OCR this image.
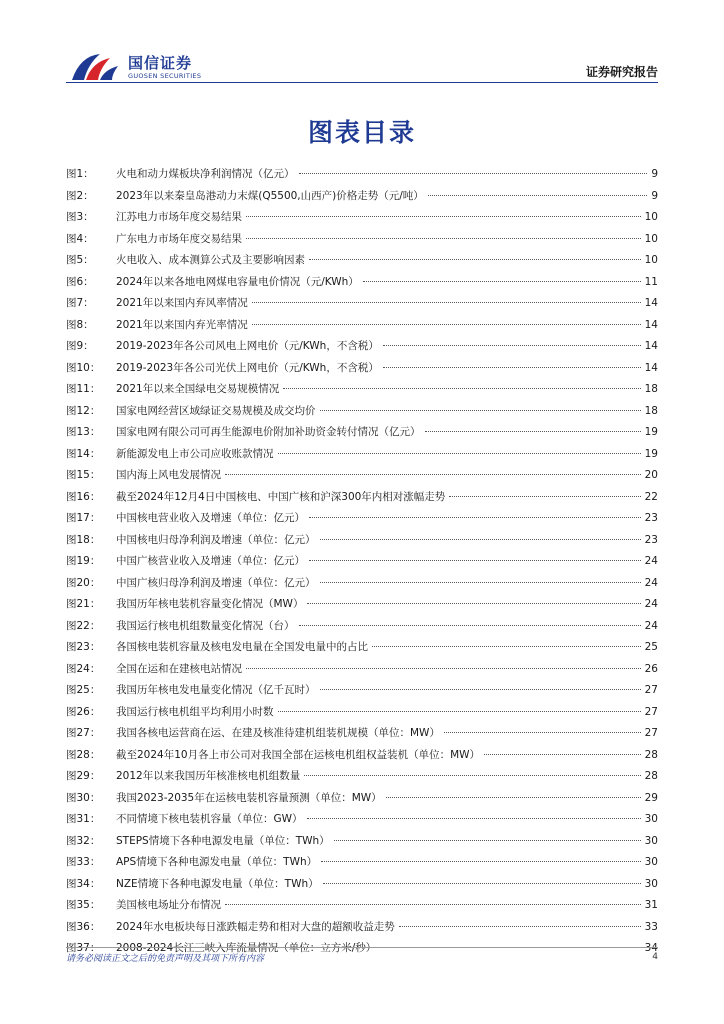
国信证券
GUOSEN SECURITIES	证券研究报告
图表目录
图1：	火电和动力煤板块净利润情况（亿元）	9
图2：	2023年以来秦皇岛港动力末煤(Q5500,山西产)价格走势（元/吨）	9
图3：	江苏电力市场年度交易结果	10
图4：	广东电力市场年度交易结果	10
图5：	火电收入、成本测算公式及主要影响因素	10
图6：	2024年以来各地电网煤电容量电价情况（元/KWh）	11
图7：	2021年以来国内弃风率情况	14
图8：	2021年以来国内弃光率情况	14
图9：	2019-2023年各公司风电上网电价（元/KWh，不含税）	14
图10：	2019-2023年各公司光伏上网电价（元/KWh，不含税）	14
图11：	2021年以来全国绿电交易规模情况	18
图12：	国家电网经营区域绿证交易规模及成交均价	18
图13：	国家电网有限公司可再生能源电价附加补助资金转付情况（亿元）	19
图14：	新能源发电上市公司应收账款情况	19
图15：	国内海上风电发展情况	20
图16：	截至2024年12月4日中国核电、中国广核和沪深300年内相对涨幅走势	22
图17：	中国核电营业收入及增速（单位：亿元）	23
图18：	中国核电归母净利润及增速（单位：亿元）	23
图19：	中国广核营业收入及增速（单位：亿元）	24
图20：	中国广核归母净利润及增速（单位：亿元）	24
图21：	我国历年核电装机容量变化情况（MW）	24
图22：	我国运行核电机组数量变化情况（台）	24
图23：	各国核电装机容量及核电发电量在全国发电量中的占比	25
图24：	全国在运和在建核电站情况	26
图25：	我国历年核电发电量变化情况（亿千瓦时）	27
图26：	我国运行核电机组平均利用小时数	27
图27：	我国各核电运营商在运、在建及核准待建机组装机规模（单位：MW）	27
图28：	截至2024年10月各上市公司对我国全部在运核电机组权益装机（单位：MW）	28
图29：	2012年以来我国历年核准核电机组数量	28
图30：	我国2023-2035年在运核电装机容量预测（单位：MW）	29
图31：	不同情境下核电装机容量（单位：GW）	30
图32：	STEPS情境下各种电源发电量（单位：TWh）	30
图33：	APS情境下各种电源发电量（单位：TWh）	30
图34：	NZE情境下各种电源发电量（单位：TWh）	30
图35：	美国核电场址分布情况	31
图36：	2024年水电板块每日涨跌幅走势和相对大盘的超额收益走势	33
图37：	2008-2024长江三峡入库流量情况（单位：立方米/秒）	34
请务必阅读正文之后的免责声明及其项下所有内容	4
